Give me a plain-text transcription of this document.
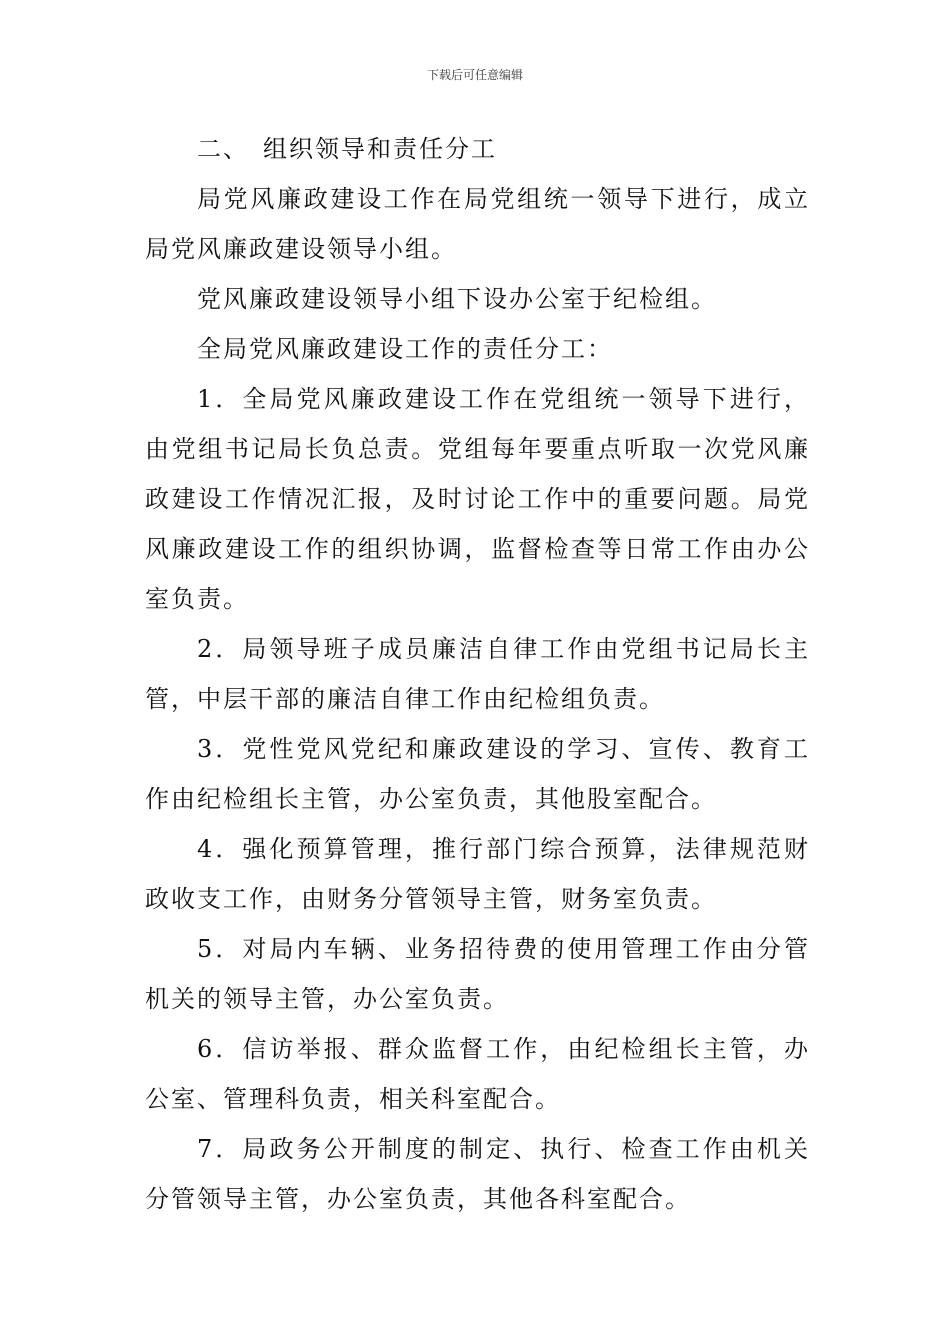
下载后可任意编辑

二、 组织领导和责任分工

局党风廉政建设工作在局党组统一领导下进行，成立局党风廉政建设领导小组。

党风廉政建设领导小组下设办公室于纪检组。

全局党风廉政建设工作的责任分工：

1．全局党风廉政建设工作在党组统一领导下进行，由党组书记局长负总责。党组每年要重点听取一次党风廉政建设工作情况汇报，及时讨论工作中的重要问题。局党风廉政建设工作的组织协调，监督检查等日常工作由办公室负责。

2．局领导班子成员廉洁自律工作由党组书记局长主管，中层干部的廉洁自律工作由纪检组负责。

3．党性党风党纪和廉政建设的学习、宣传、教育工作由纪检组长主管，办公室负责，其他股室配合。

4．强化预算管理，推行部门综合预算，法律规范财政收支工作，由财务分管领导主管，财务室负责。

5．对局内车辆、业务招待费的使用管理工作由分管机关的领导主管，办公室负责。

6．信访举报、群众监督工作，由纪检组长主管，办公室、管理科负责，相关科室配合。

7．局政务公开制度的制定、执行、检查工作由机关分管领导主管，办公室负责，其他各科室配合。
